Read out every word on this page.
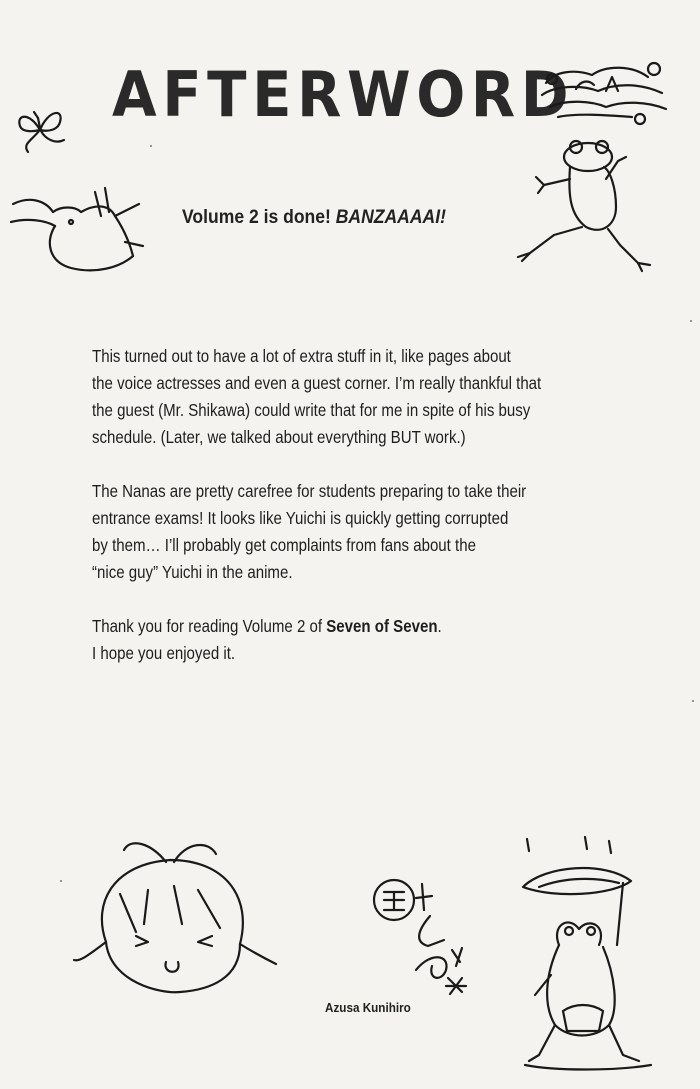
AFTERWORD
Volume 2 is done! BANZAAAAI!

This turned out to have a lot of extra stuff in it, like pages about
the voice actresses and even a guest corner. I’m really thankful that
the guest (Mr. Shikawa) could write that for me in spite of his busy
schedule. (Later, we talked about everything BUT work.)

The Nanas are pretty carefree for students preparing to take their
entrance exams! It looks like Yuichi is quickly getting corrupted
by them… I’ll probably get complaints from fans about the
“nice guy” Yuichi in the anime.

Thank you for reading Volume 2 of Seven of Seven.
I hope you enjoyed it.

Azusa Kunihiro
